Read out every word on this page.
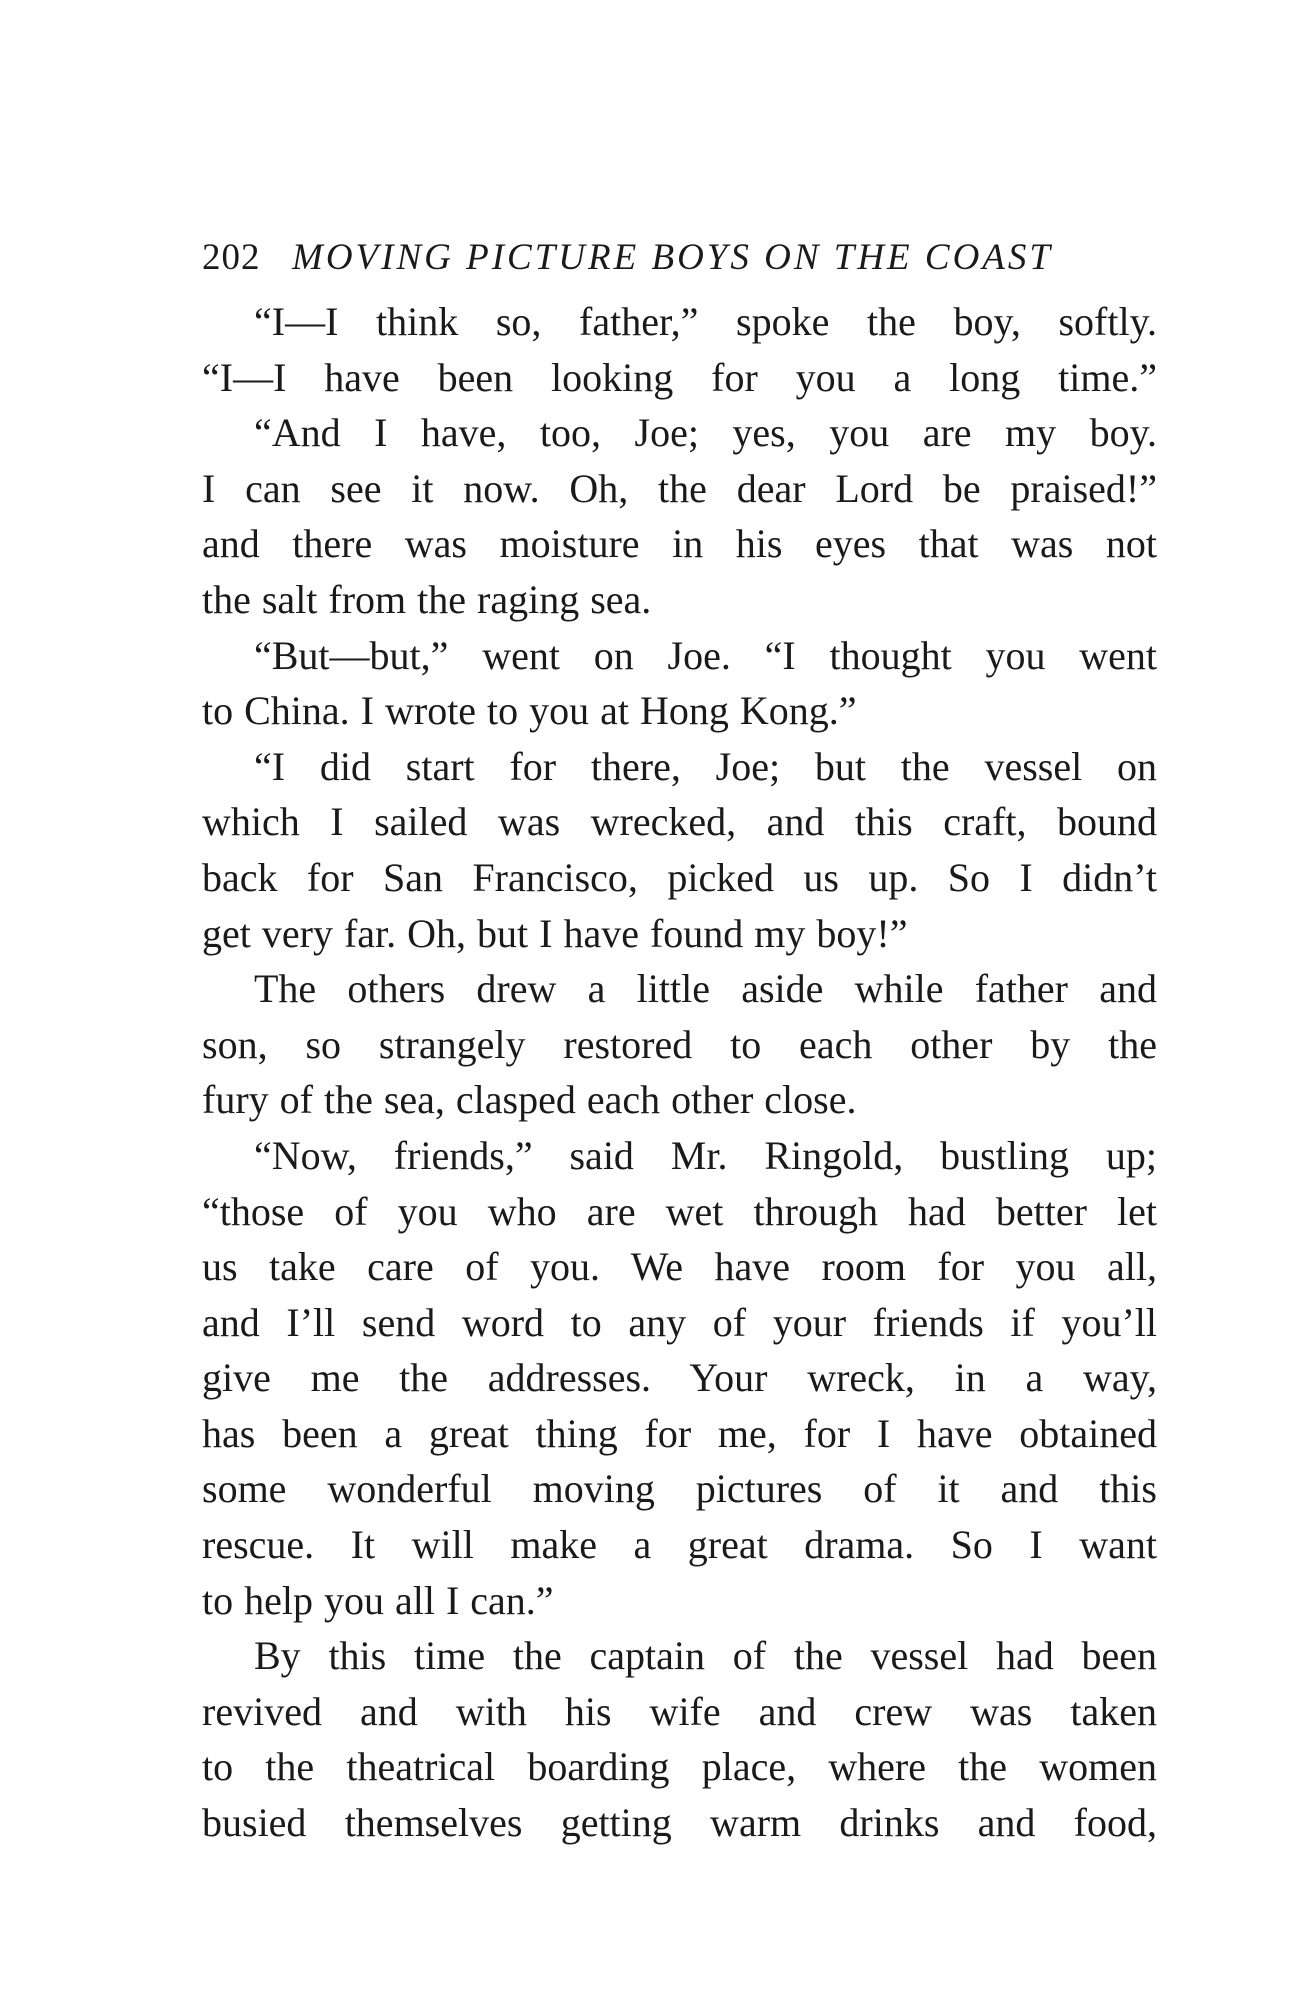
202 MOVING PICTURE BOYS ON THE COAST
“I—I think so, father,” spoke the boy, softly.
“I—I have been looking for you a long time.”
“And I have, too, Joe; yes, you are my boy.
I can see it now. Oh, the dear Lord be praised!”
and there was moisture in his eyes that was not
the salt from the raging sea.
“But—but,” went on Joe. “I thought you went
to China. I wrote to you at Hong Kong.”
“I did start for there, Joe; but the vessel on
which I sailed was wrecked, and this craft, bound
back for San Francisco, picked us up. So I didn’t
get very far. Oh, but I have found my boy!”
The others drew a little aside while father and
son, so strangely restored to each other by the
fury of the sea, clasped each other close.
“Now, friends,” said Mr. Ringold, bustling up;
“those of you who are wet through had better let
us take care of you. We have room for you all,
and I’ll send word to any of your friends if you’ll
give me the addresses. Your wreck, in a way,
has been a great thing for me, for I have obtained
some wonderful moving pictures of it and this
rescue. It will make a great drama. So I want
to help you all I can.”
By this time the captain of the vessel had been
revived and with his wife and crew was taken
to the theatrical boarding place, where the women
busied themselves getting warm drinks and food,
